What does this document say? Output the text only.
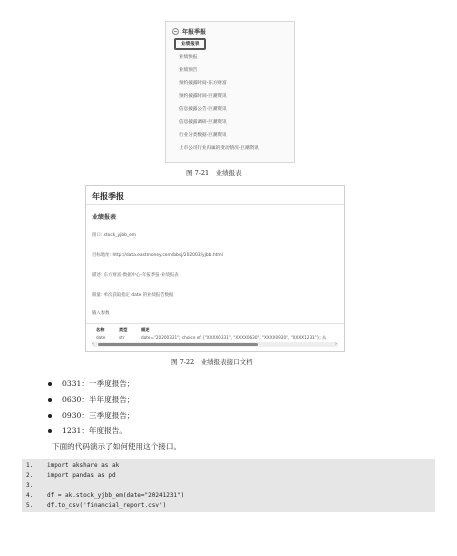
年报季报
业绩报表
业绩快报
业绩预告
预约披露时间-东方财富
预约披露时间-巨潮资讯
信息披露公告-巨潮资讯
信息披露调研-巨潮资讯
行业分类数据-巨潮资讯
上市公司行业归属的变动情况-巨潮资讯
图 7-21　业绩报表
年报季报
业绩报表
接口: stock_yjbb_em
目标地址: http://data.eastmoney.com/bbsj/202003/yjbb.html
描述: 东方财富-数据中心-年报季报-业绩报表
限量: 单次获取指定 date 的业绩报告数据
输入参数
名称	类型	描述
date	str	date="20200331"; choice of {"XXXX0331", "XXXX0630", "XXXX0930", "XXXX1231"}; 从
‹	›
图 7-22　业绩报表接口文档
0331：一季度报告；
0630：半年度报告；
0930：三季度报告；
1231：年度报告。
下面的代码演示了如何使用这个接口。
1. import akshare as ak
2. import pandas as pd
3.
4. df = ak.stock_yjbb_em(date="20241231")
5. df.to_csv('financial_report.csv')
